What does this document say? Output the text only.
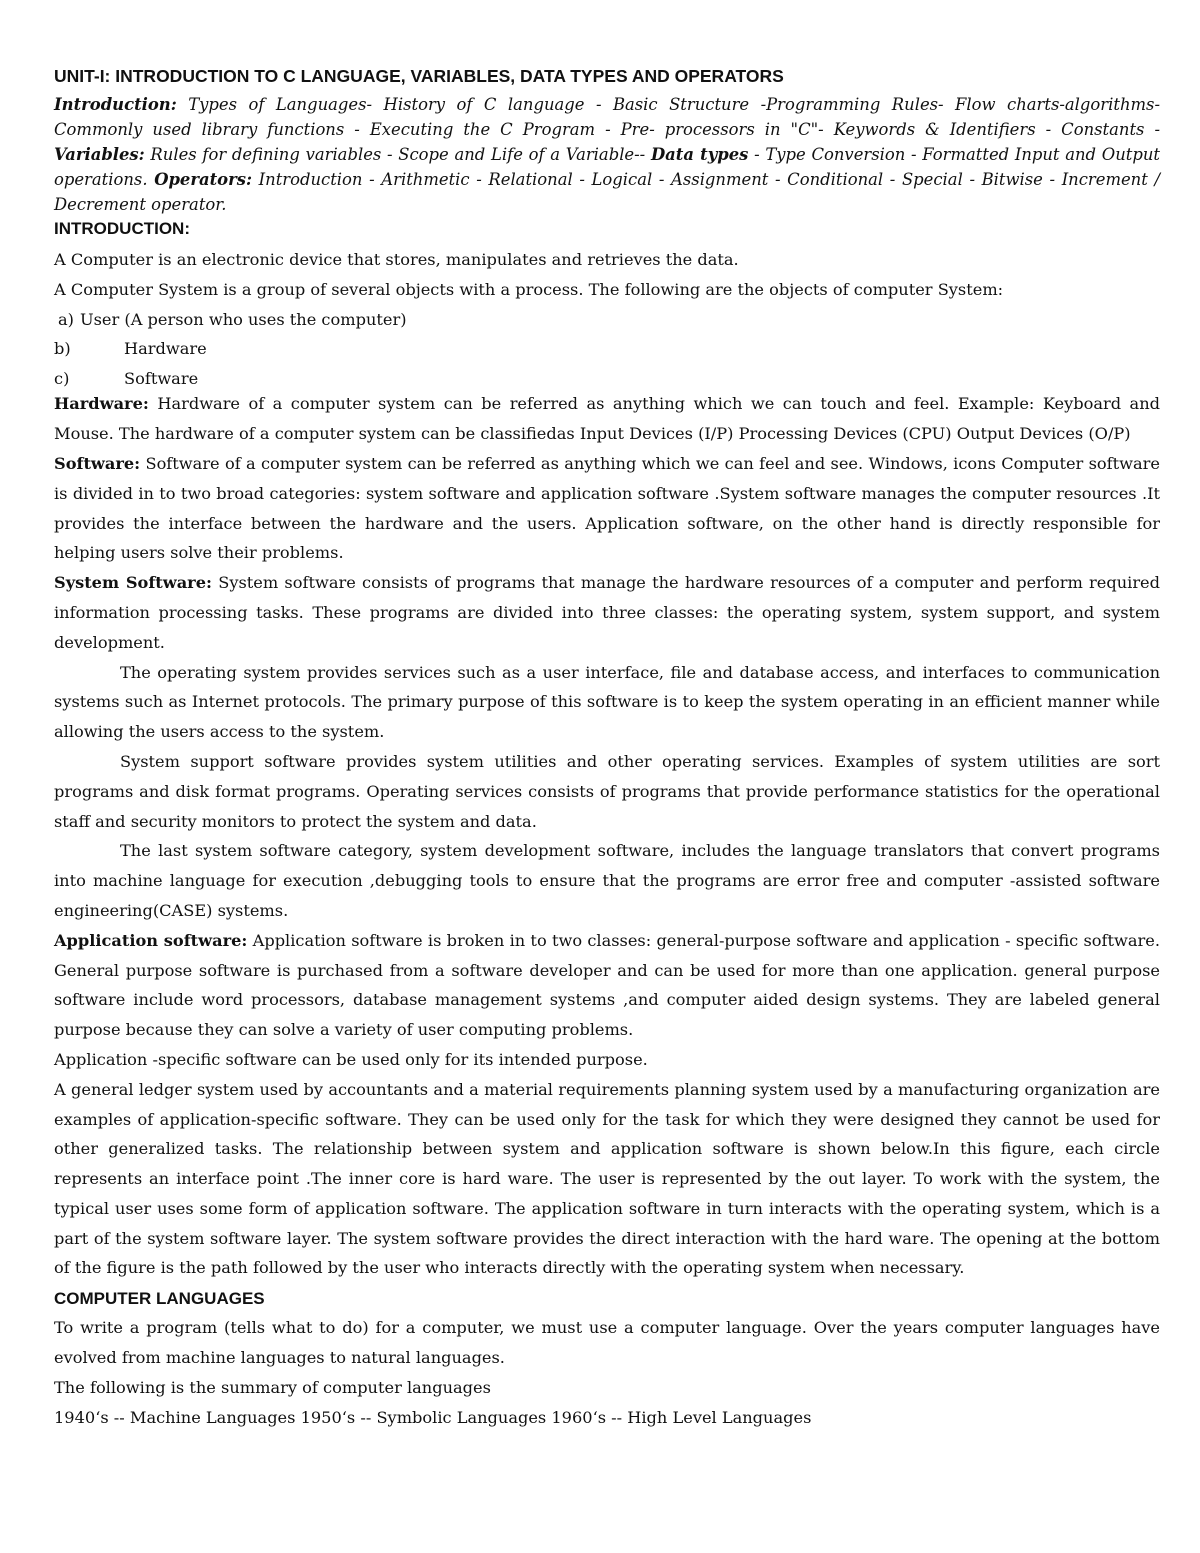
UNIT-I: INTRODUCTION TO C LANGUAGE, VARIABLES, DATA TYPES AND OPERATORS

Introduction: Types of Languages- History of C language - Basic Structure -Programming Rules- Flow charts-algorithms-Commonly used library functions - Executing the C Program - Pre- processors in "C"- Keywords & Identifiers - Constants - Variables: Rules for defining variables - Scope and Life of a Variable-- Data types - Type Conversion - Formatted Input and Output operations. Operators: Introduction - Arithmetic - Relational - Logical - Assignment - Conditional - Special - Bitwise - Increment / Decrement operator.

INTRODUCTION:

A Computer is an electronic device that stores, manipulates and retrieves the data.

A Computer System is a group of several objects with a process. The following are the objects of computer System:

a) User (A person who uses the computer)
b)	Hardware
c)	Software

Hardware: Hardware of a computer system can be referred as anything which we can touch and feel. Example: Keyboard and Mouse. The hardware of a computer system can be classifiedas Input Devices (I/P) Processing Devices (CPU) Output Devices (O/P)

Software: Software of a computer system can be referred as anything which we can feel and see. Windows, icons Computer software is divided in to two broad categories: system software and application software .System software manages the computer resources .It provides the interface between the hardware and the users. Application software, on the other hand is directly responsible for helping users solve their problems.

System Software: System software consists of programs that manage the hardware resources of a computer and perform required information processing tasks. These programs are divided into three classes: the operating system, system support, and system development.

The operating system provides services such as a user interface, file and database access, and interfaces to communication systems such as Internet protocols. The primary purpose of this software is to keep the system operating in an efficient manner while allowing the users access to the system.

System support software provides system utilities and other operating services. Examples of system utilities are sort programs and disk format programs. Operating services consists of programs that provide performance statistics for the operational staff and security monitors to protect the system and data.

The last system software category, system development software, includes the language translators that convert programs into machine language for execution ,debugging tools to ensure that the programs are error free and computer -assisted software engineering(CASE) systems.

Application software: Application software is broken in to two classes: general-purpose software and application - specific software. General purpose software is purchased from a software developer and can be used for more than one application. general purpose software include word processors, database management systems ,and computer aided design systems. They are labeled general purpose because they can solve a variety of user computing problems.

Application -specific software can be used only for its intended purpose.

A general ledger system used by accountants and a material requirements planning system used by a manufacturing organization are examples of application-specific software. They can be used only for the task for which they were designed they cannot be used for other generalized tasks. The relationship between system and application software is shown below.In this figure, each circle represents an interface point .The inner core is hard ware. The user is represented by the out layer. To work with the system, the typical user uses some form of application software. The application software in turn interacts with the operating system, which is a part of the system software layer. The system software provides the direct interaction with the hard ware. The opening at the bottom of the figure is the path followed by the user who interacts directly with the operating system when necessary.

COMPUTER LANGUAGES

To write a program (tells what to do) for a computer, we must use a computer language. Over the years computer languages have evolved from machine languages to natural languages.

The following is the summary of computer languages

1940‘s -- Machine Languages 1950‘s -- Symbolic Languages 1960‘s -- High Level Languages
